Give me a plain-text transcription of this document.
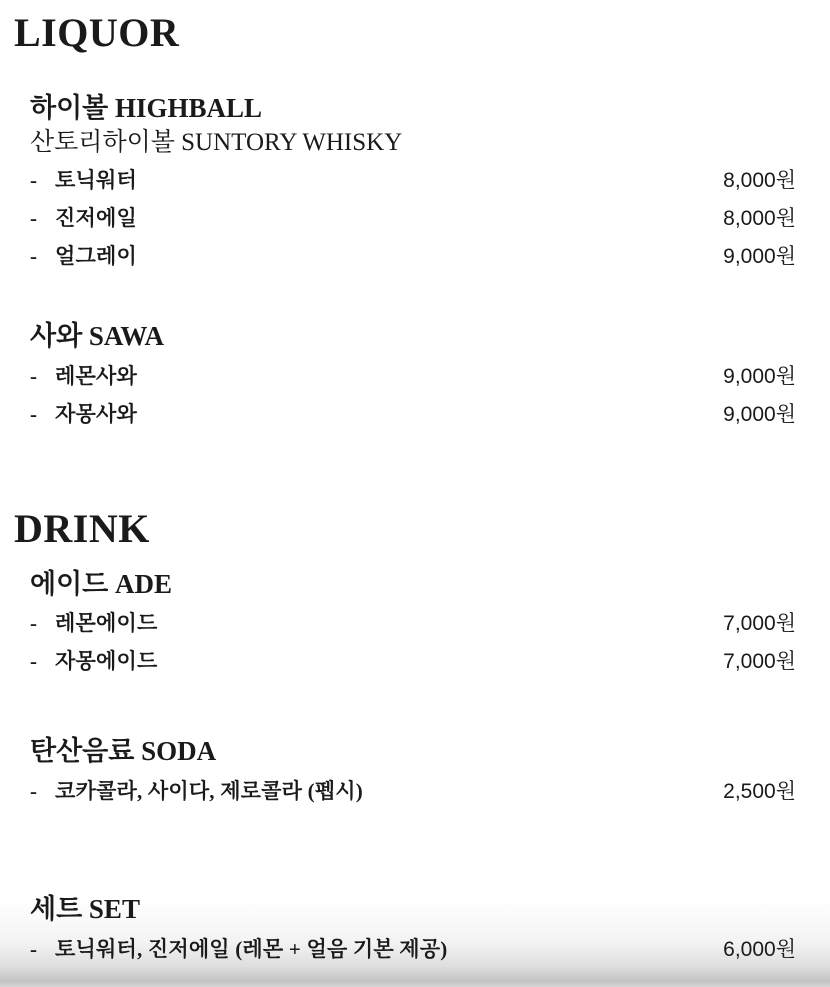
LIQUOR
하이볼 HIGHBALL

산토리하이볼 SUNTORY WHISKY

- 토닉워터	8,000원
- 진저에일	8,000원
- 얼그레이	9,000원
사와 SAWA
- 레몬사와	9,000원
- 자몽사와	9,000원
DRINK
에이드 ADE
- 레몬에이드	7,000원
- 자몽에이드	7,000원
탄산음료 SODA
- 코카콜라, 사이다, 제로콜라 (펩시)	2,500원
세트 SET
- 토닉워터, 진저에일 (레몬 + 얼음 기본 제공)	6,000원
